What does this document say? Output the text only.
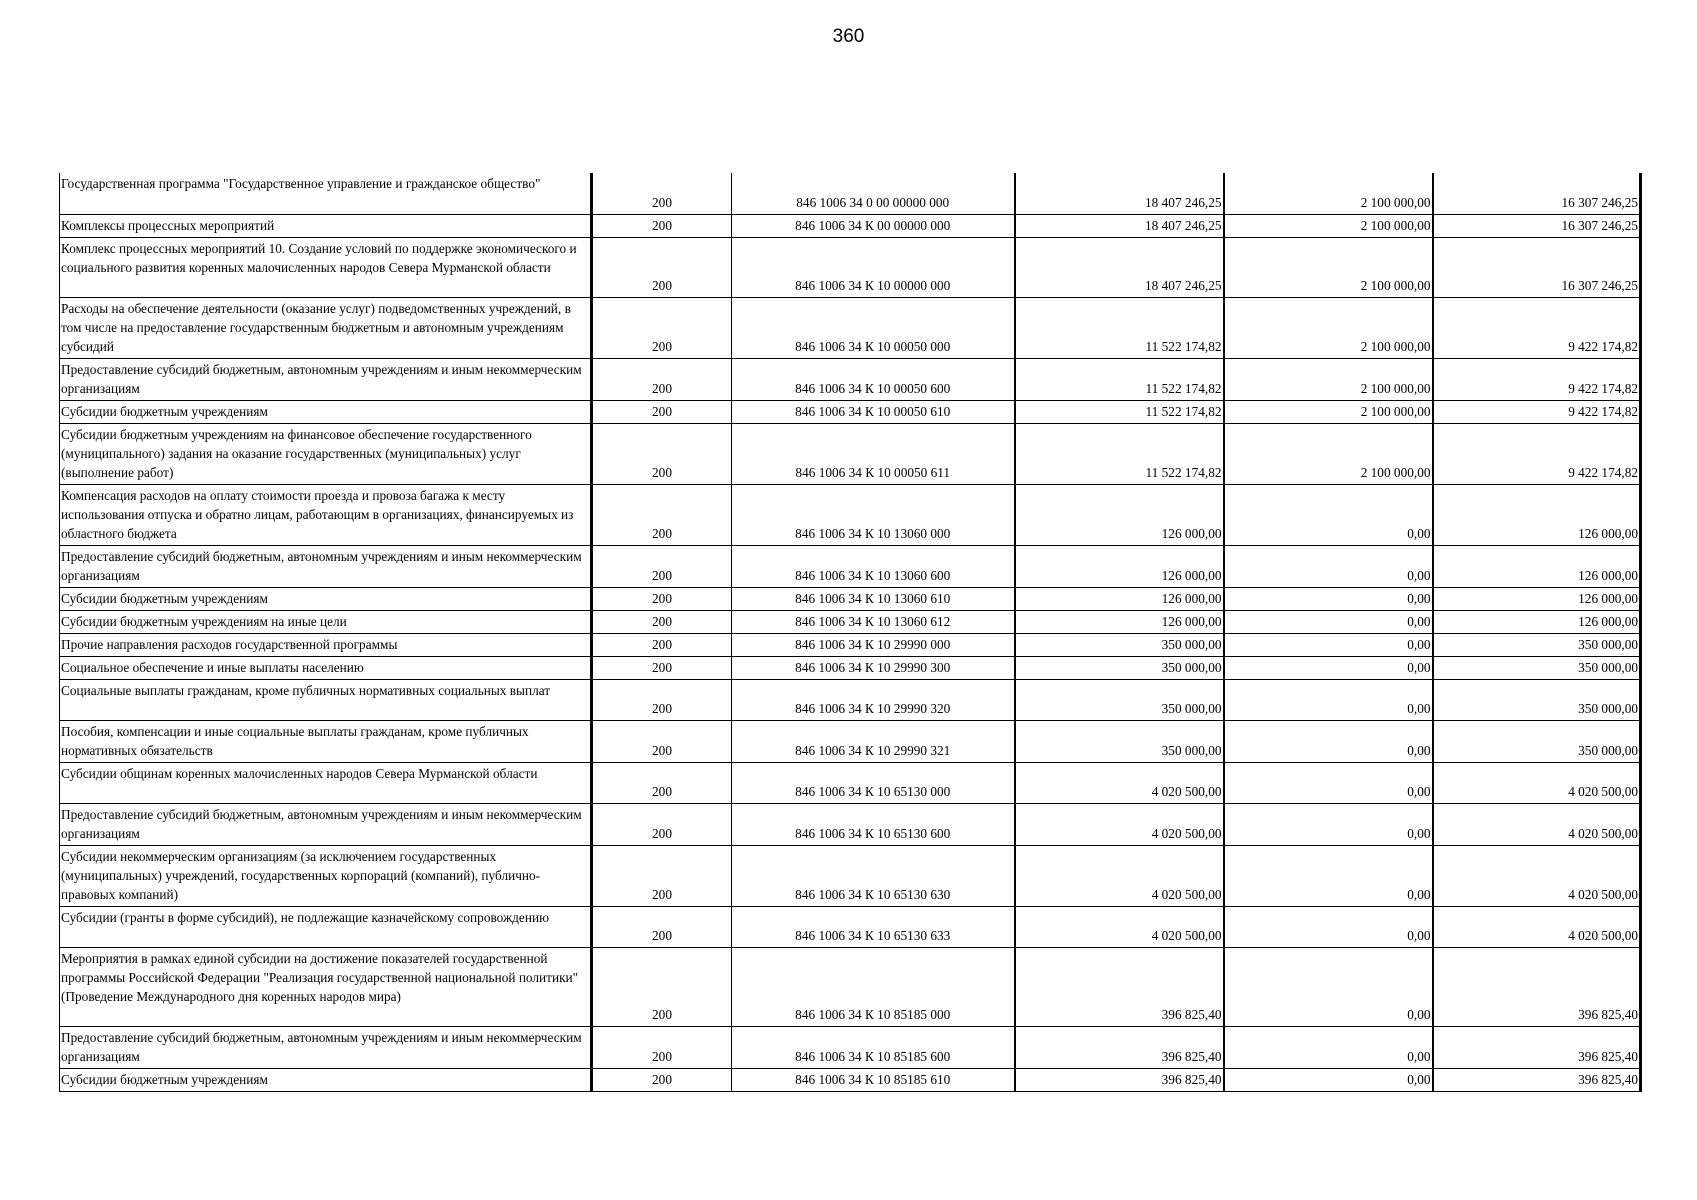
360
Государственная программа "Государственное управление и гражданское общество"	200	846 1006 34 0 00 00000 000	18 407 246,25	2 100 000,00	16 307 246,25

Комплексы процессных мероприятий	200	846 1006 34 К 00 00000 000	18 407 246,25	2 100 000,00	16 307 246,25

Комплекс процессных мероприятий 10. Создание условий по поддержке экономического и социального развития коренных малочисленных народов Севера Мурманской области	200	846 1006 34 К 10 00000 000	18 407 246,25	2 100 000,00	16 307 246,25

Расходы на обеспечение деятельности (оказание услуг) подведомственных учреждений, в том числе на предоставление государственным бюджетным и автономным учреждениям субсидий	200	846 1006 34 К 10 00050 000	11 522 174,82	2 100 000,00	9 422 174,82

Предоставление субсидий бюджетным, автономным учреждениям и иным некоммерческим организациям	200	846 1006 34 К 10 00050 600	11 522 174,82	2 100 000,00	9 422 174,82

Субсидии бюджетным учреждениям	200	846 1006 34 К 10 00050 610	11 522 174,82	2 100 000,00	9 422 174,82

Субсидии бюджетным учреждениям на финансовое обеспечение государственного (муниципального) задания на оказание государственных (муниципальных) услуг (выполнение работ)	200	846 1006 34 К 10 00050 611	11 522 174,82	2 100 000,00	9 422 174,82

Компенсация расходов на оплату стоимости проезда и провоза багажа к месту использования отпуска и обратно лицам, работающим в организациях, финансируемых из областного бюджета	200	846 1006 34 К 10 13060 000	126 000,00	0,00	126 000,00

Предоставление субсидий бюджетным, автономным учреждениям и иным некоммерческим организациям	200	846 1006 34 К 10 13060 600	126 000,00	0,00	126 000,00

Субсидии бюджетным учреждениям	200	846 1006 34 К 10 13060 610	126 000,00	0,00	126 000,00

Субсидии бюджетным учреждениям на иные цели	200	846 1006 34 К 10 13060 612	126 000,00	0,00	126 000,00

Прочие направления расходов государственной программы	200	846 1006 34 К 10 29990 000	350 000,00	0,00	350 000,00

Социальное обеспечение и иные выплаты населению	200	846 1006 34 К 10 29990 300	350 000,00	0,00	350 000,00

Социальные выплаты гражданам, кроме публичных нормативных социальных выплат	200	846 1006 34 К 10 29990 320	350 000,00	0,00	350 000,00

Пособия, компенсации и иные социальные выплаты гражданам, кроме публичных нормативных обязательств	200	846 1006 34 К 10 29990 321	350 000,00	0,00	350 000,00

Субсидии общинам коренных малочисленных народов Севера Мурманской области	200	846 1006 34 К 10 65130 000	4 020 500,00	0,00	4 020 500,00

Предоставление субсидий бюджетным, автономным учреждениям и иным некоммерческим организациям	200	846 1006 34 К 10 65130 600	4 020 500,00	0,00	4 020 500,00

Субсидии некоммерческим организациям (за исключением государственных (муниципальных) учреждений, государственных корпораций (компаний), публично-правовых компаний)	200	846 1006 34 К 10 65130 630	4 020 500,00	0,00	4 020 500,00

Субсидии (гранты в форме субсидий), не подлежащие казначейскому сопровождению	200	846 1006 34 К 10 65130 633	4 020 500,00	0,00	4 020 500,00

Мероприятия в рамках единой субсидии на достижение показателей государственной программы Российской Федерации "Реализация государственной национальной политики" (Проведение Международного дня коренных народов мира)	200	846 1006 34 К 10 85185 000	396 825,40	0,00	396 825,40

Предоставление субсидий бюджетным, автономным учреждениям и иным некоммерческим организациям	200	846 1006 34 К 10 85185 600	396 825,40	0,00	396 825,40

Субсидии бюджетным учреждениям	200	846 1006 34 К 10 85185 610	396 825,40	0,00	396 825,40
